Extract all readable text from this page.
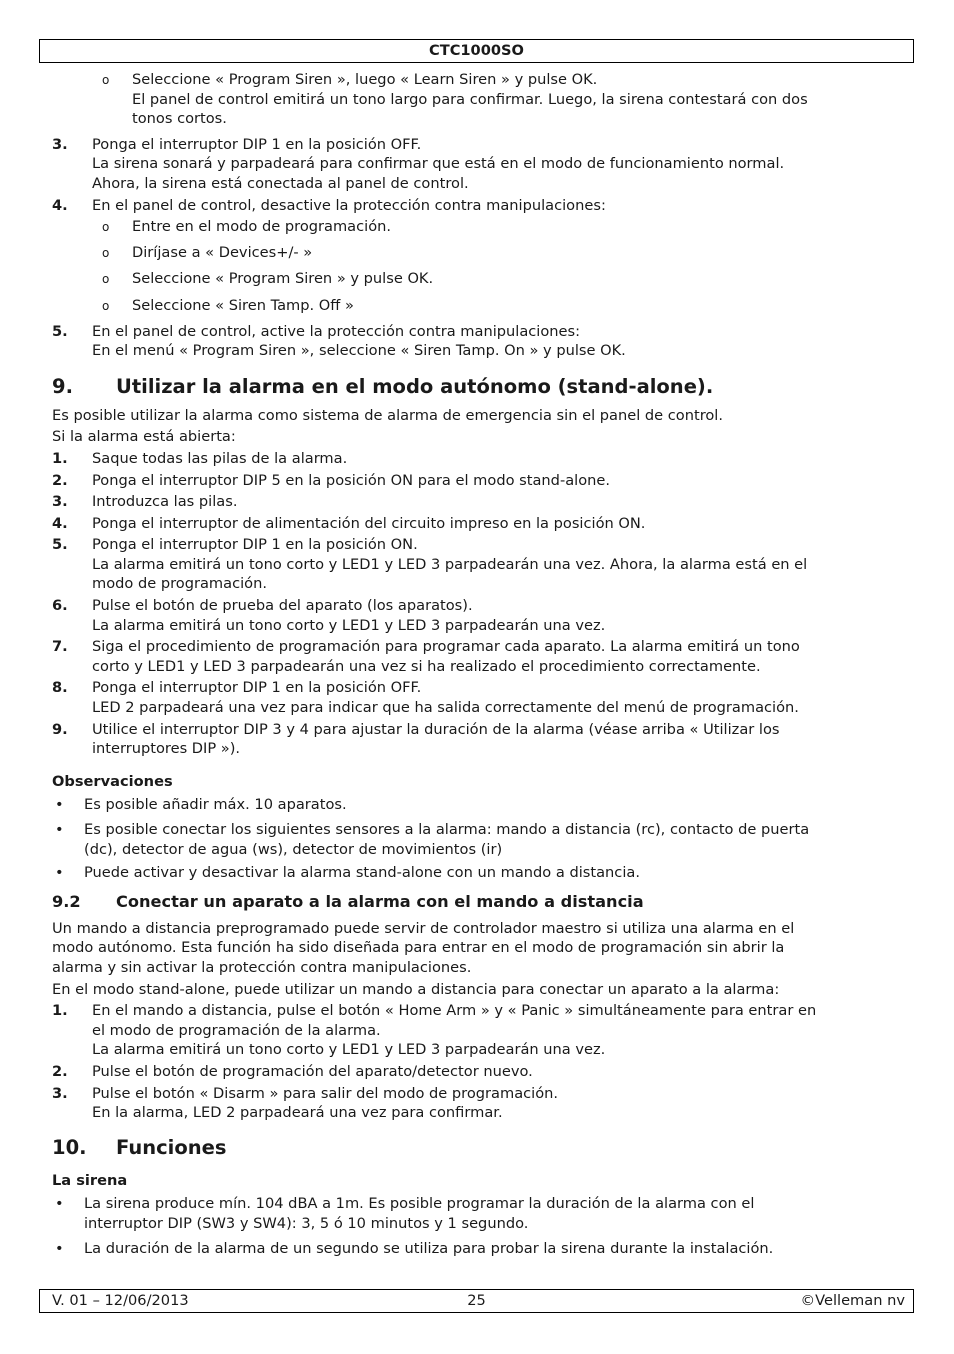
CTC1000SO
o Seleccione « Program Siren », luego « Learn Siren » y pulse OK.
El panel de control emitirá un tono largo para confirmar. Luego, la sirena contestará con dos
tonos cortos.
3. Ponga el interruptor DIP 1 en la posición OFF.
La sirena sonará y parpadeará para confirmar que está en el modo de funcionamiento normal.
Ahora, la sirena está conectada al panel de control.
4. En el panel de control, desactive la protección contra manipulaciones:
o Entre en el modo de programación.
o Diríjase a « Devices+/- »
o Seleccione « Program Siren » y pulse OK.
o Seleccione « Siren Tamp. Off »
5. En el panel de control, active la protección contra manipulaciones:
En el menú « Program Siren », seleccione « Siren Tamp. On » y pulse OK.
9. Utilizar la alarma en el modo autónomo (stand-alone).

Es posible utilizar la alarma como sistema de alarma de emergencia sin el panel de control.

Si la alarma está abierta:

1. Saque todas las pilas de la alarma.
2. Ponga el interruptor DIP 5 en la posición ON para el modo stand-alone.
3. Introduzca las pilas.
4. Ponga el interruptor de alimentación del circuito impreso en la posición ON.
5. Ponga el interruptor DIP 1 en la posición ON.
La alarma emitirá un tono corto y LED1 y LED 3 parpadearán una vez. Ahora, la alarma está en el
modo de programación.
6. Pulse el botón de prueba del aparato (los aparatos).
La alarma emitirá un tono corto y LED1 y LED 3 parpadearán una vez.
7. Siga el procedimiento de programación para programar cada aparato. La alarma emitirá un tono
corto y LED1 y LED 3 parpadearán una vez si ha realizado el procedimiento correctamente.
8. Ponga el interruptor DIP 1 en la posición OFF.
LED 2 parpadeará una vez para indicar que ha salida correctamente del menú de programación.
9. Utilice el interruptor DIP 3 y 4 para ajustar la duración de la alarma (véase arriba « Utilizar los
interruptores DIP »).

Observaciones

• Es posible añadir máx. 10 aparatos.
• Es posible conectar los siguientes sensores a la alarma: mando a distancia (rc), contacto de puerta
(dc), detector de agua (ws), detector de movimientos (ir)
• Puede activar y desactivar la alarma stand-alone con un mando a distancia.
9.2 Conectar un aparato a la alarma con el mando a distancia

Un mando a distancia preprogramado puede servir de controlador maestro si utiliza una alarma en el
modo autónomo. Esta función ha sido diseñada para entrar en el modo de programación sin abrir la
alarma y sin activar la protección contra manipulaciones.

En el modo stand-alone, puede utilizar un mando a distancia para conectar un aparato a la alarma:

1. En el mando a distancia, pulse el botón « Home Arm » y « Panic » simultáneamente para entrar en
el modo de programación de la alarma.
La alarma emitirá un tono corto y LED1 y LED 3 parpadearán una vez.
2. Pulse el botón de programación del aparato/detector nuevo.
3. Pulse el botón « Disarm » para salir del modo de programación.
En la alarma, LED 2 parpadeará una vez para confirmar.
10. Funciones

La sirena

• La sirena produce mín. 104 dBA a 1m. Es posible programar la duración de la alarma con el
interruptor DIP (SW3 y SW4): 3, 5 ó 10 minutos y 1 segundo.
• La duración de la alarma de un segundo se utiliza para probar la sirena durante la instalación.
V. 01 – 12/06/2013	25	©Velleman nv
